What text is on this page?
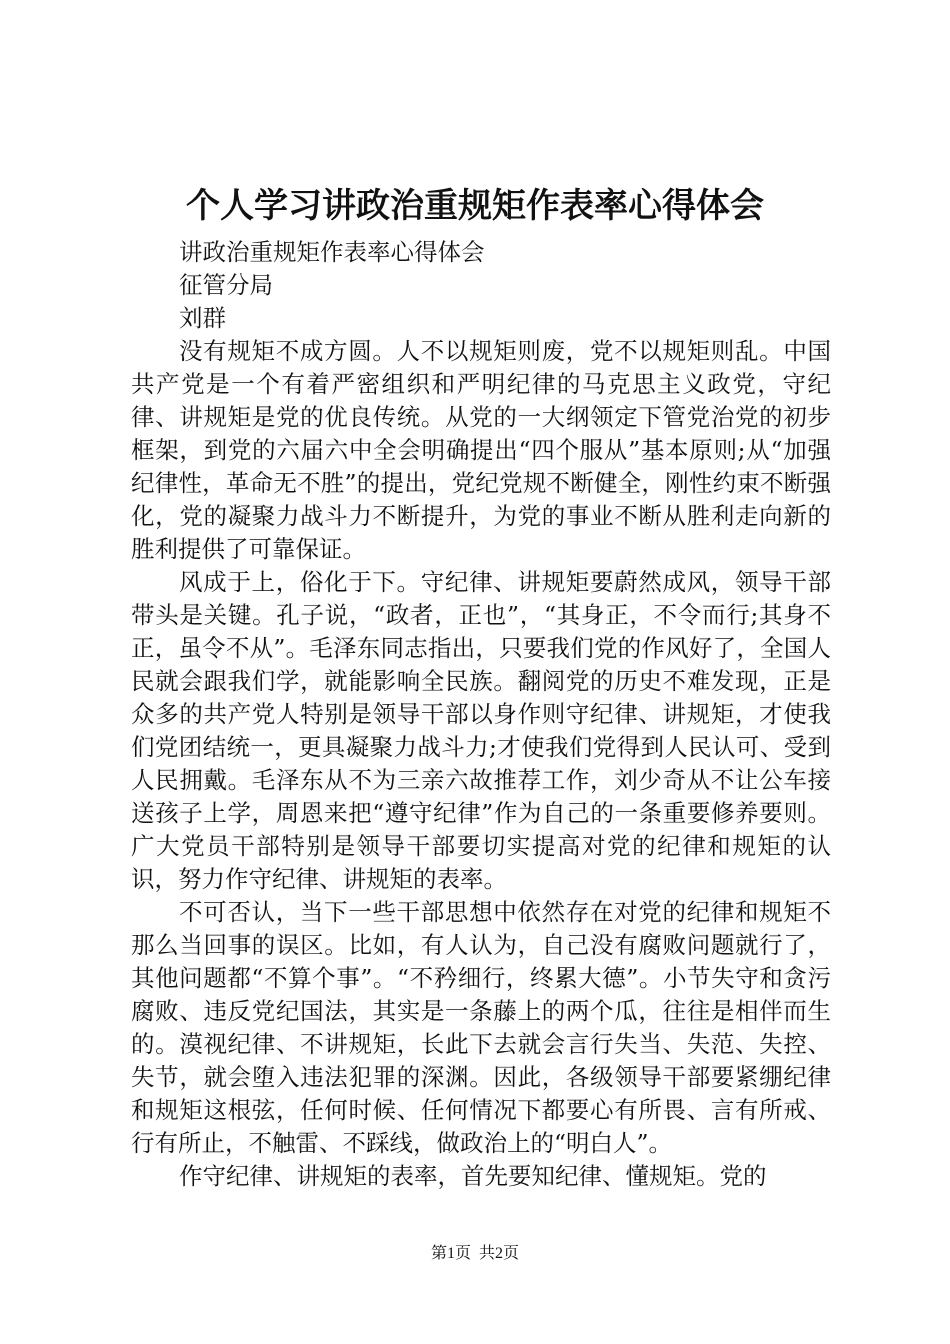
个人学习讲政治重规矩作表率心得体会

讲政治重规矩作表率心得体会

征管分局

刘群

没有规矩不成方圆。人不以规矩则废，党不以规矩则乱。中国共产党是一个有着严密组织和严明纪律的马克思主义政党，守纪律、讲规矩是党的优良传统。从党的一大纲领定下管党治党的初步框架，到党的六届六中全会明确提出“四个服从”基本原则;从“加强纪律性，革命无不胜”的提出，党纪党规不断健全，刚性约束不断强化，党的凝聚力战斗力不断提升，为党的事业不断从胜利走向新的胜利提供了可靠保证。

风成于上，俗化于下。守纪律、讲规矩要蔚然成风，领导干部带头是关键。孔子说，“政者，正也”，“其身正，不令而行;其身不正，虽令不从”。毛泽东同志指出，只要我们党的作风好了，全国人民就会跟我们学，就能影响全民族。翻阅党的历史不难发现，正是众多的共产党人特别是领导干部以身作则守纪律、讲规矩，才使我们党团结统一，更具凝聚力战斗力;才使我们党得到人民认可、受到人民拥戴。毛泽东从不为三亲六故推荐工作，刘少奇从不让公车接送孩子上学，周恩来把“遵守纪律”作为自己的一条重要修养要则。广大党员干部特别是领导干部要切实提高对党的纪律和规矩的认识，努力作守纪律、讲规矩的表率。

不可否认，当下一些干部思想中依然存在对党的纪律和规矩不那么当回事的误区。比如，有人认为，自己没有腐败问题就行了，其他问题都“不算个事”。“不矜细行，终累大德”。小节失守和贪污腐败、违反党纪国法，其实是一条藤上的两个瓜，往往是相伴而生的。漠视纪律、不讲规矩，长此下去就会言行失当、失范、失控、失节，就会堕入违法犯罪的深渊。因此，各级领导干部要紧绷纪律和规矩这根弦，任何时候、任何情况下都要心有所畏、言有所戒、行有所止，不触雷、不踩线，做政治上的“明白人”。

作守纪律、讲规矩的表率，首先要知纪律、懂规矩。党的

第1页  共2页
